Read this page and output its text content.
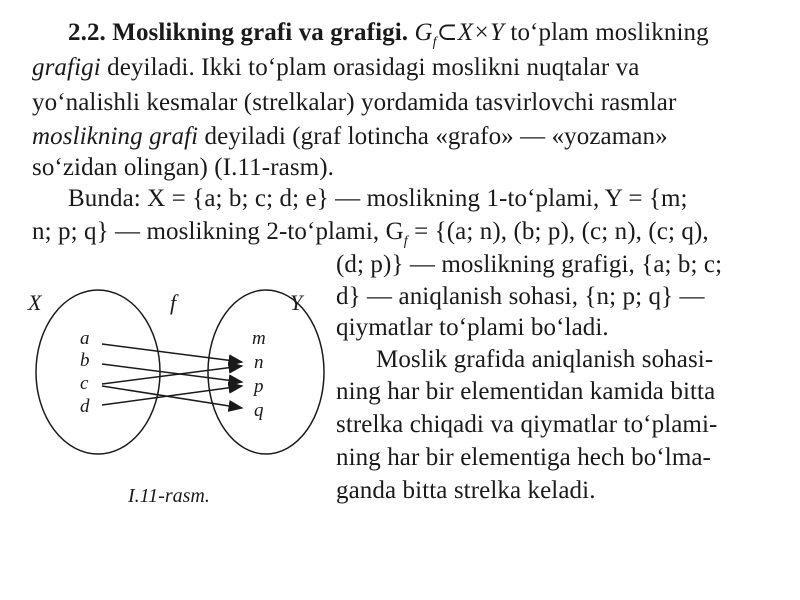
2.2. Moslikning grafi va grafigi. $G_f\subset X\times Y$ to‘plam moslikning
grafigi deyiladi. Ikki to‘plam orasidagi moslikni nuqtalar va
yo‘nalishli kesmalar (strelkalar) yordamida tasvirlovchi rasmlar
moslikning grafi deyiladi (graf lotincha «grafo» — «yozaman»
so‘zidan olingan) (I.11-rasm).
Bunda: X = {a; b; c; d; e} — moslikning 1-to‘plami, Y = {m;
n; p; q} — moslikning 2-to‘plami, $G_f = \{(a$; n), (b; p), (c; n), (c; q),
(d; p)} — moslikning grafigi, {a; b; c;
d} — aniqlanish sohasi, {n; p; q} —
qiymatlar to‘plami bo‘ladi.
Moslik grafida aniqlanish sohasi-
ning har bir elementidan kamida bitta
strelka chiqadi va qiymatlar to‘plami-
ning har bir elementiga hech bo‘lma-
ganda bitta strelka keladi.
X	Y
f
a
b
c
d
m
n
p
q
I.11-rasm.
